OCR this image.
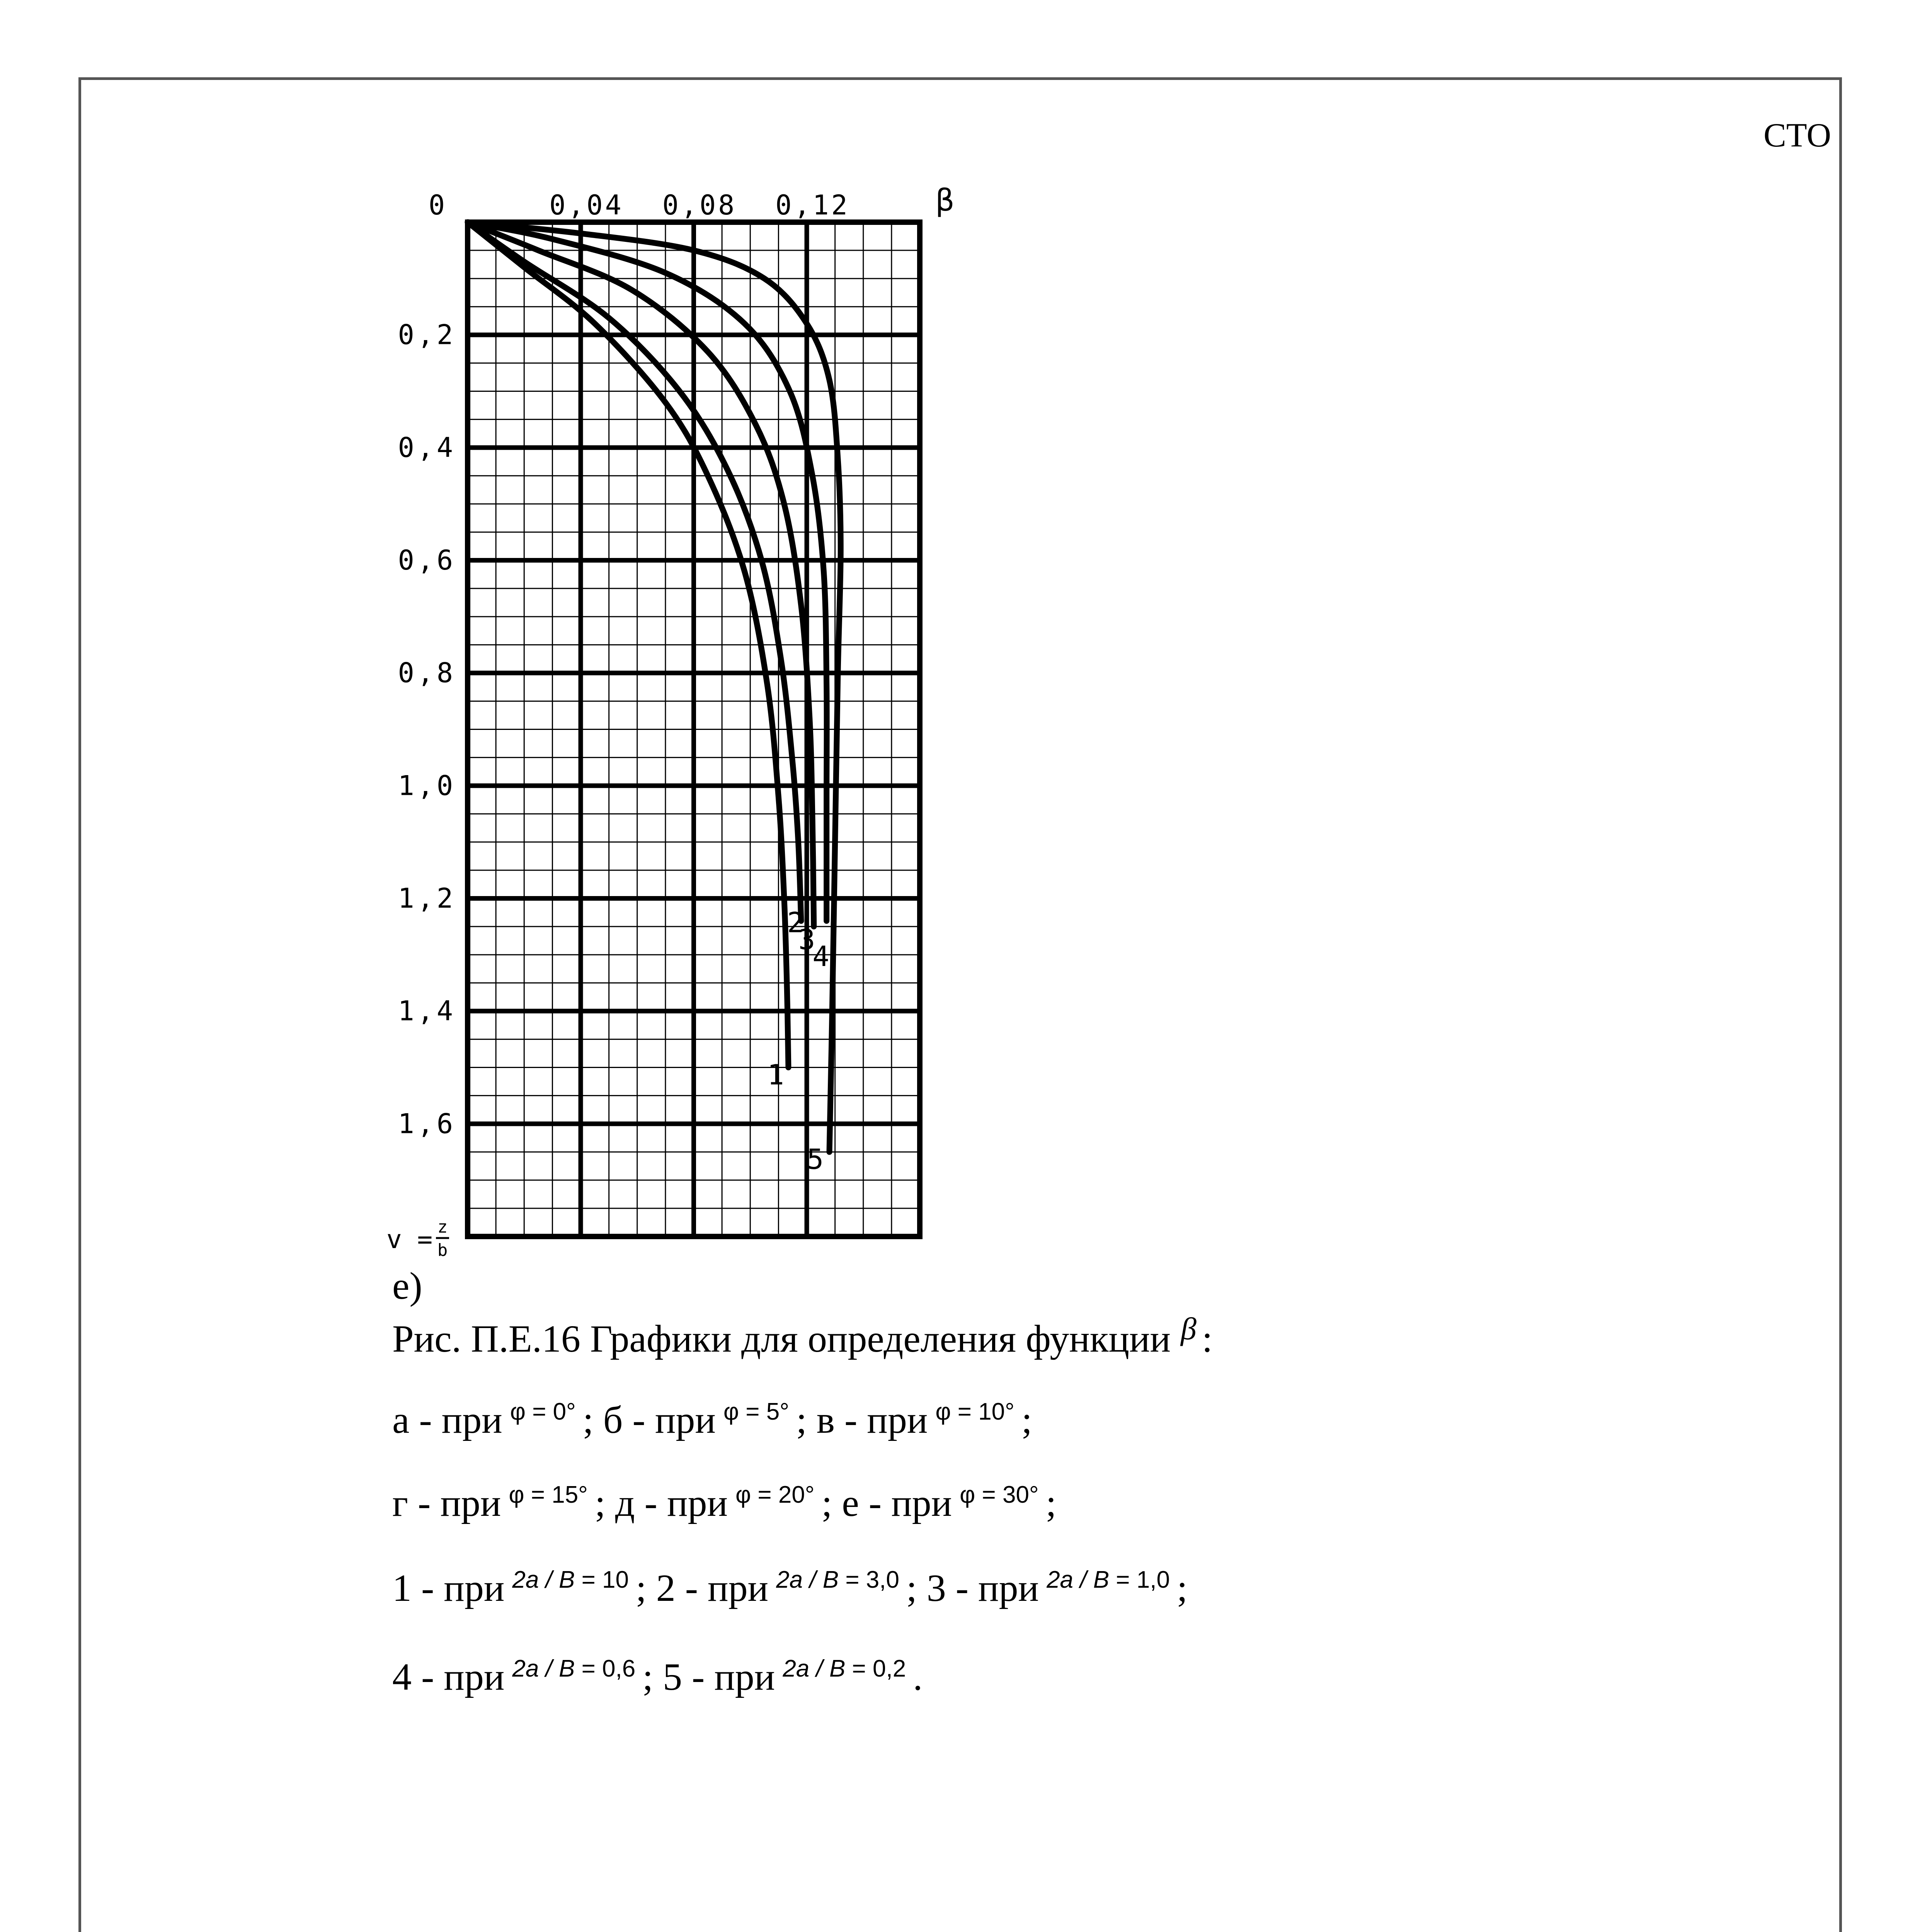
СТО
0	0,04 0,08 0,12	β
0,2
0,4
0,6
0,8
1,0
1,2
1,4
1,6
v = z
b
1
2
3
4
5
е)
Рис. П.Е.16 Графики для определения функции β :
а - при φ = 0° ; б - при φ = 5° ; в - при φ = 10° ;
г - при φ = 15° ; д - при φ = 20° ; е - при φ = 30° ;
1 - при 2a / B = 10 ; 2 - при 2a / B = 3,0 ; 3 - при 2a / B = 1,0 ;
4 - при 2a / B = 0,6 ; 5 - при 2a / B = 0,2 .
